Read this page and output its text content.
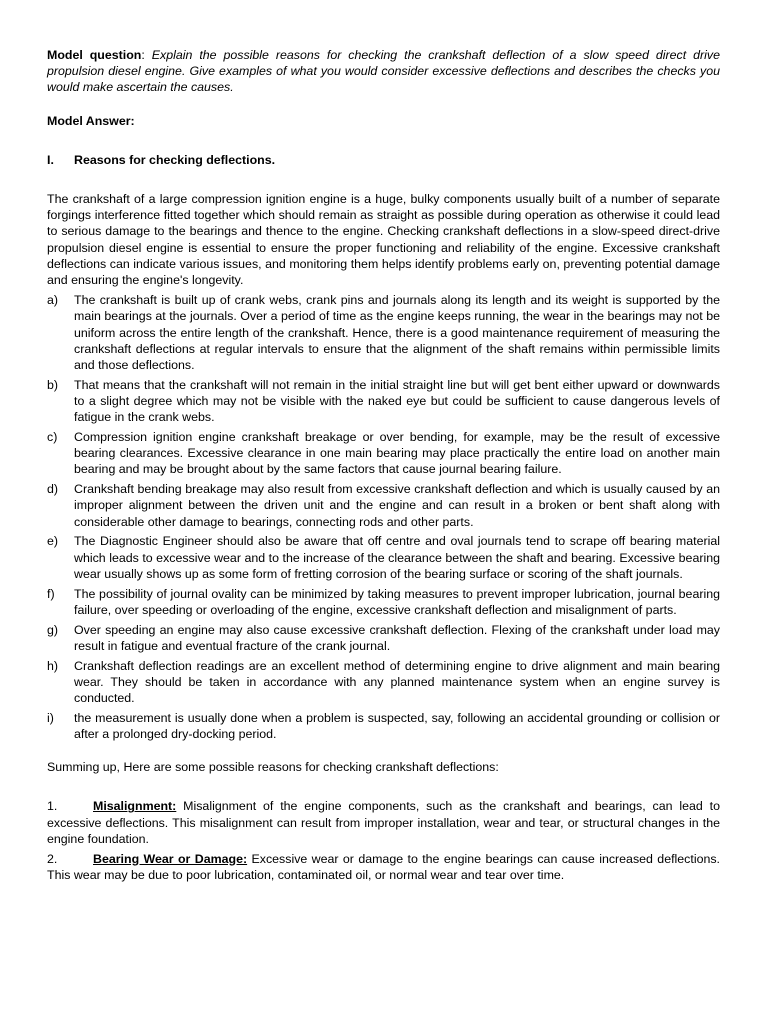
Model question: Explain the possible reasons for checking the crankshaft deflection of a slow speed direct drive propulsion diesel engine. Give examples of what you would consider excessive deflections and describes the checks you would make ascertain the causes.

Model Answer:

I. Reasons for checking deflections.

The crankshaft of a large compression ignition engine is a huge, bulky components usually built of a number of separate forgings interference fitted together which should remain as straight as possible during operation as otherwise it could lead to serious damage to the bearings and thence to the engine. Checking crankshaft deflections in a slow-speed direct-drive propulsion diesel engine is essential to ensure the proper functioning and reliability of the engine. Excessive crankshaft deflections can indicate various issues, and monitoring them helps identify problems early on, preventing potential damage and ensuring the engine's longevity.

a) The crankshaft is built up of crank webs, crank pins and journals along its length and its weight is supported by the main bearings at the journals. Over a period of time as the engine keeps running, the wear in the bearings may not be uniform across the entire length of the crankshaft. Hence, there is a good maintenance requirement of measuring the crankshaft deflections at regular intervals to ensure that the alignment of the shaft remains within permissible limits and those deflections.
b) That means that the crankshaft will not remain in the initial straight line but will get bent either upward or downwards to a slight degree which may not be visible with the naked eye but could be sufficient to cause dangerous levels of fatigue in the crank webs.
c) Compression ignition engine crankshaft breakage or over bending, for example, may be the result of excessive bearing clearances. Excessive clearance in one main bearing may place practically the entire load on another main bearing and may be brought about by the same factors that cause journal bearing failure.
d) Crankshaft bending breakage may also result from excessive crankshaft deflection and which is usually caused by an improper alignment between the driven unit and the engine and can result in a broken or bent shaft along with considerable other damage to bearings, connecting rods and other parts.
e) The Diagnostic Engineer should also be aware that off centre and oval journals tend to scrape off bearing material which leads to excessive wear and to the increase of the clearance between the shaft and bearing. Excessive bearing wear usually shows up as some form of fretting corrosion of the bearing surface or scoring of the shaft journals.
f) The possibility of journal ovality can be minimized by taking measures to prevent improper lubrication, journal bearing failure, over speeding or overloading of the engine, excessive crankshaft deflection and misalignment of parts.
g) Over speeding an engine may also cause excessive crankshaft deflection. Flexing of the crankshaft under load may result in fatigue and eventual fracture of the crank journal.
h) Crankshaft deflection readings are an excellent method of determining engine to drive alignment and main bearing wear. They should be taken in accordance with any planned maintenance system when an engine survey is conducted.
i) the measurement is usually done when a problem is suspected, say, following an accidental grounding or collision or after a prolonged dry-docking period.

Summing up, Here are some possible reasons for checking crankshaft deflections:

1.	Misalignment: Misalignment of the engine components, such as the crankshaft and bearings, can lead to excessive deflections. This misalignment can result from improper installation, wear and tear, or structural changes in the engine foundation.

2.	Bearing Wear or Damage: Excessive wear or damage to the engine bearings can cause increased deflections. This wear may be due to poor lubrication, contaminated oil, or normal wear and tear over time.
